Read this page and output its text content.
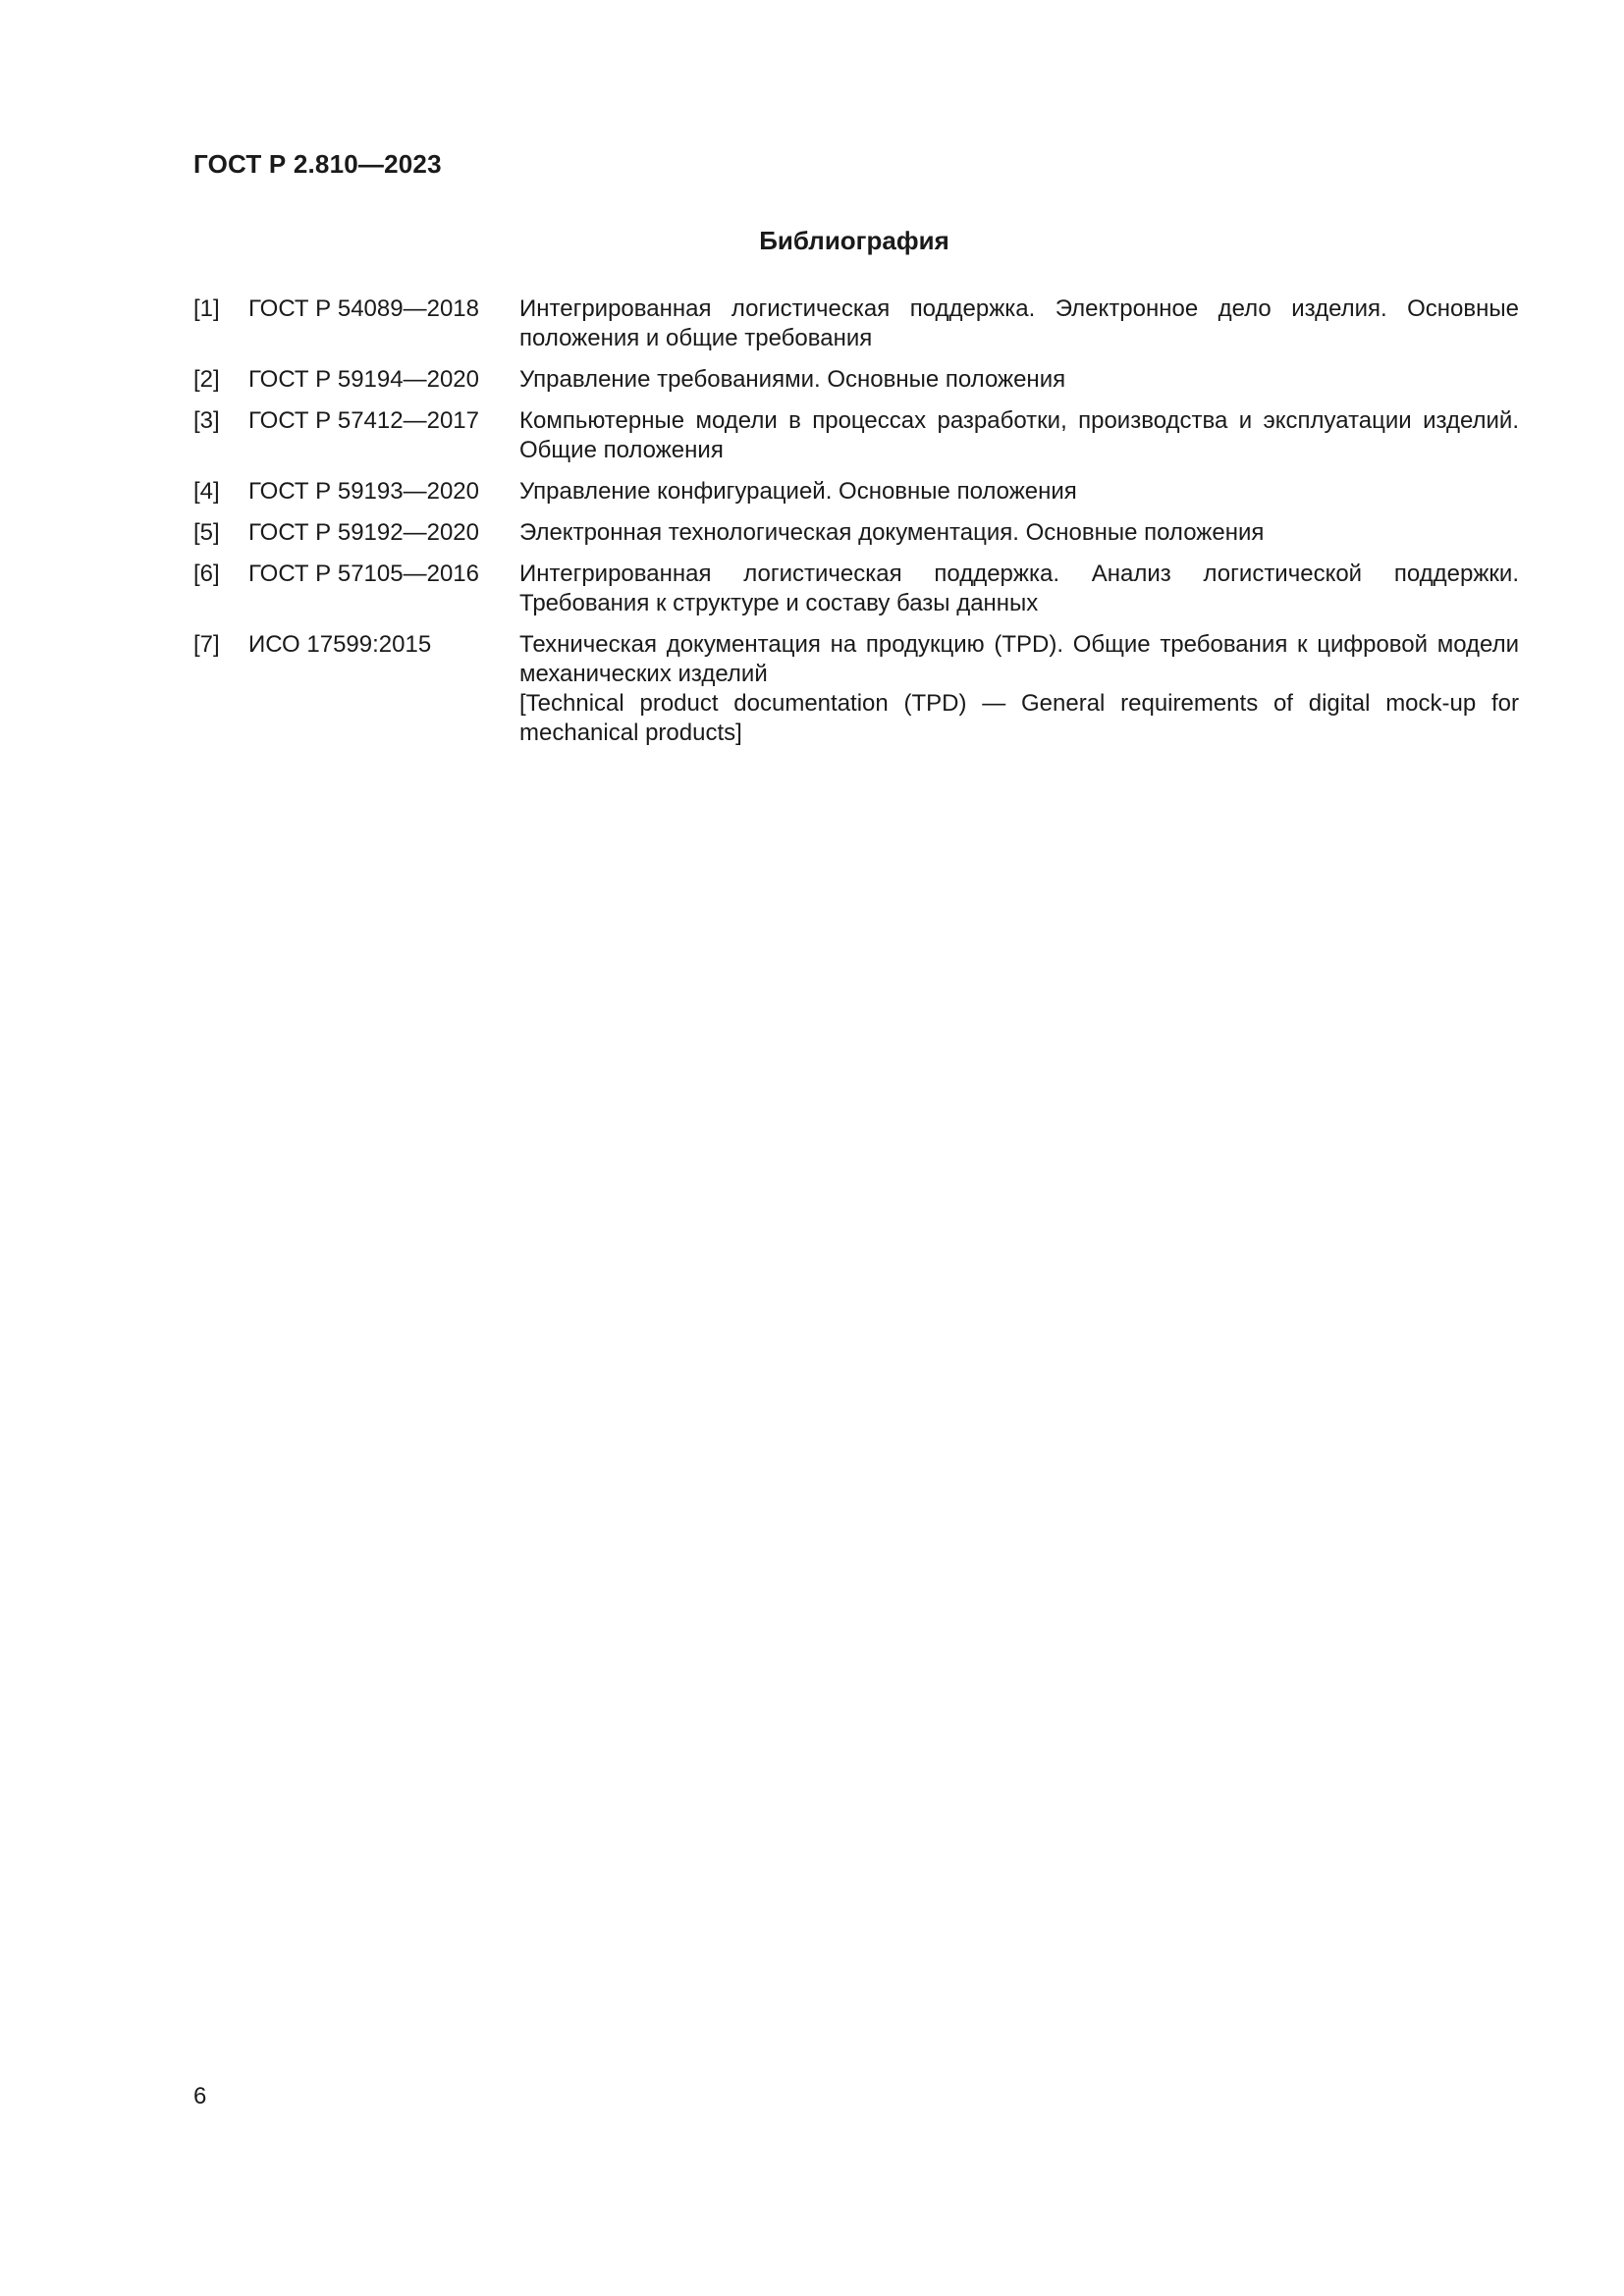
ГОСТ Р 2.810—2023
Библиография
[1]	ГОСТ Р 54089—2018	Интегрированная логистическая поддержка. Электронное дело изделия. Основные положения и общие требования

[2]	ГОСТ Р 59194—2020	Управление требованиями. Основные положения

[3]	ГОСТ Р 57412—2017	Компьютерные модели в процессах разработки, производства и эксплуатации изделий. Общие положения

[4]	ГОСТ Р 59193—2020	Управление конфигурацией. Основные положения

[5]	ГОСТ Р 59192—2020	Электронная технологическая документация. Основные положения

[6]	ГОСТ Р 57105—2016	Интегрированная логистическая поддержка. Анализ логистической поддержки. Требования к структуре и составу базы данных

[7]	ИСО 17599:2015	Техническая документация на продукцию (TPD). Общие требования к цифровой модели механических изделий

[Technical product documentation (TPD) — General requirements of digital mock-up for mechanical products]

6
